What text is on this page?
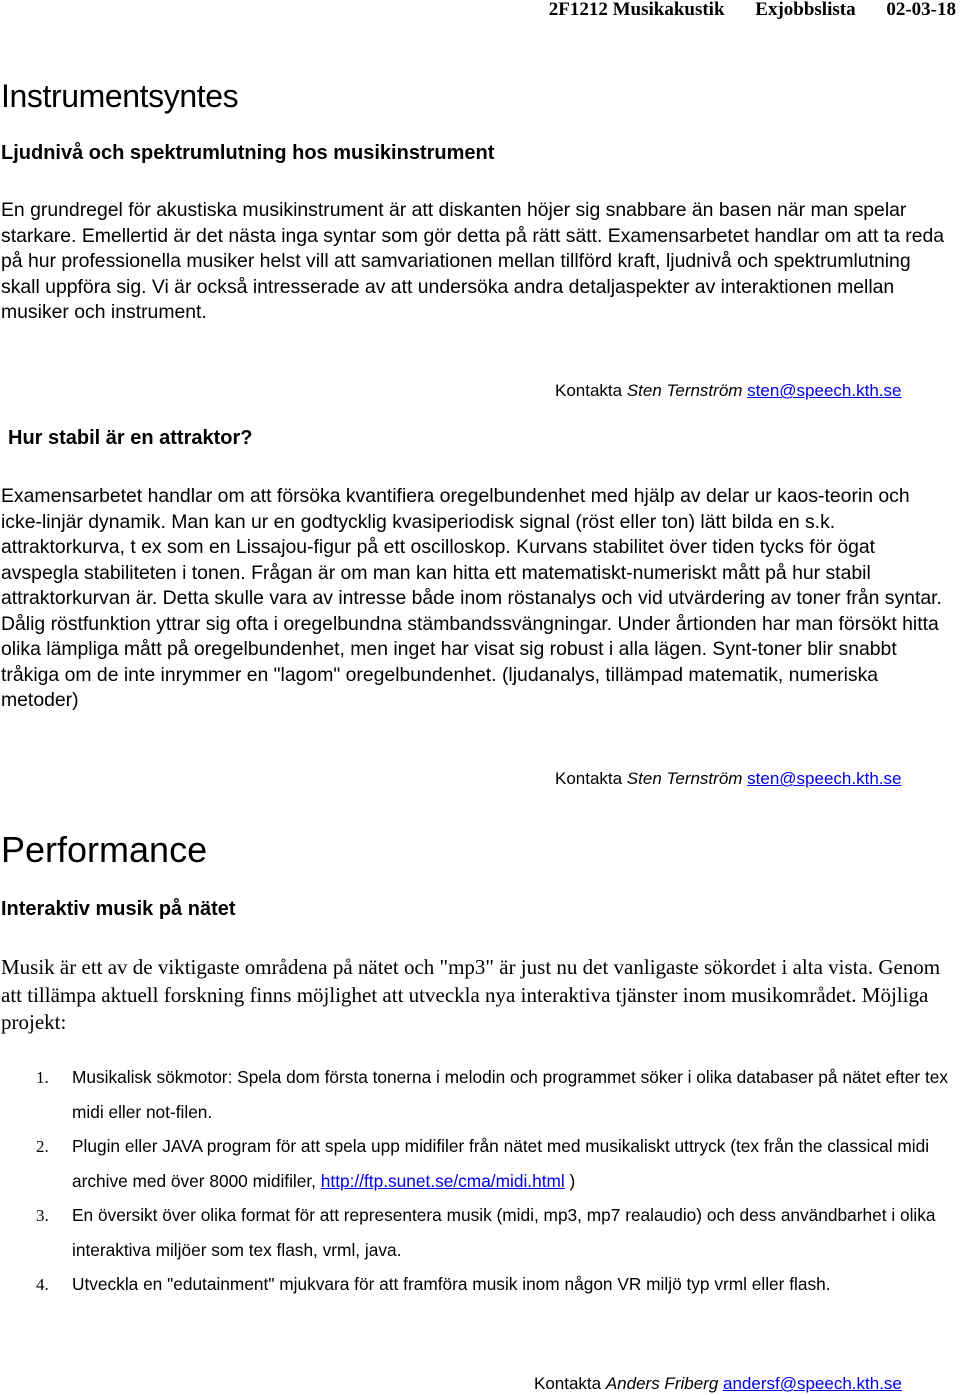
2F1212 Musikakustik Exjobbslista 02-03-18
Instrumentsyntes
Ljudnivå och spektrumlutning hos musikinstrument

En grundregel för akustiska musikinstrument är att diskanten höjer sig snabbare än basen när man spelar starkare. Emellertid är det nästa inga syntar som gör detta på rätt sätt. Examensarbetet handlar om att ta reda på hur professionella musiker helst vill att samvariationen mellan tillförd kraft, ljudnivå och spektrumlutning skall uppföra sig. Vi är också intresserade av att undersöka andra detaljaspekter av interaktionen mellan musiker och instrument.

Kontakta Sten Ternström sten@speech.kth.se
Hur stabil är en attraktor?

Examensarbetet handlar om att försöka kvantifiera oregelbundenhet med hjälp av delar ur kaos-teorin och icke-linjär dynamik. Man kan ur en godtycklig kvasiperiodisk signal (röst eller ton) lätt bilda en s.k. attraktorkurva, t ex som en Lissajou-figur på ett oscilloskop. Kurvans stabilitet över tiden tycks för ögat avspegla stabiliteten i tonen. Frågan är om man kan hitta ett matematiskt-numeriskt mått på hur stabil attraktorkurvan är. Detta skulle vara av intresse både inom röstanalys och vid utvärdering av toner från syntar. Dålig röstfunktion yttrar sig ofta i oregelbundna stämbandssvängningar. Under årtionden har man försökt hitta olika lämpliga mått på oregelbundenhet, men inget har visat sig robust i alla lägen. Synt-toner blir snabbt tråkiga om de inte inrymmer en "lagom" oregelbundenhet. (ljudanalys, tillämpad matematik, numeriska metoder)

Kontakta Sten Ternström sten@speech.kth.se
Performance
Interaktiv musik på nätet

Musik är ett av de viktigaste områdena på nätet och "mp3" är just nu det vanligaste sökordet i alta vista. Genom att tillämpa aktuell forskning finns möjlighet att utveckla nya interaktiva tjänster inom musikområdet. Möjliga projekt:

1. Musikalisk sökmotor: Spela dom första tonerna i melodin och programmet söker i olika databaser på nätet efter tex midi eller not-filen.
2. Plugin eller JAVA program för att spela upp midifiler från nätet med musikaliskt uttryck (tex från the classical midi archive med över 8000 midifiler, http://ftp.sunet.se/cma/midi.html )
3. En översikt över olika format för att representera musik (midi, mp3, mp7 realaudio) och dess användbarhet i olika interaktiva miljöer som tex flash, vrml, java.
4. Utveckla en "edutainment" mjukvara för att framföra musik inom någon VR miljö typ vrml eller flash.
Kontakta Anders Friberg andersf@speech.kth.se
